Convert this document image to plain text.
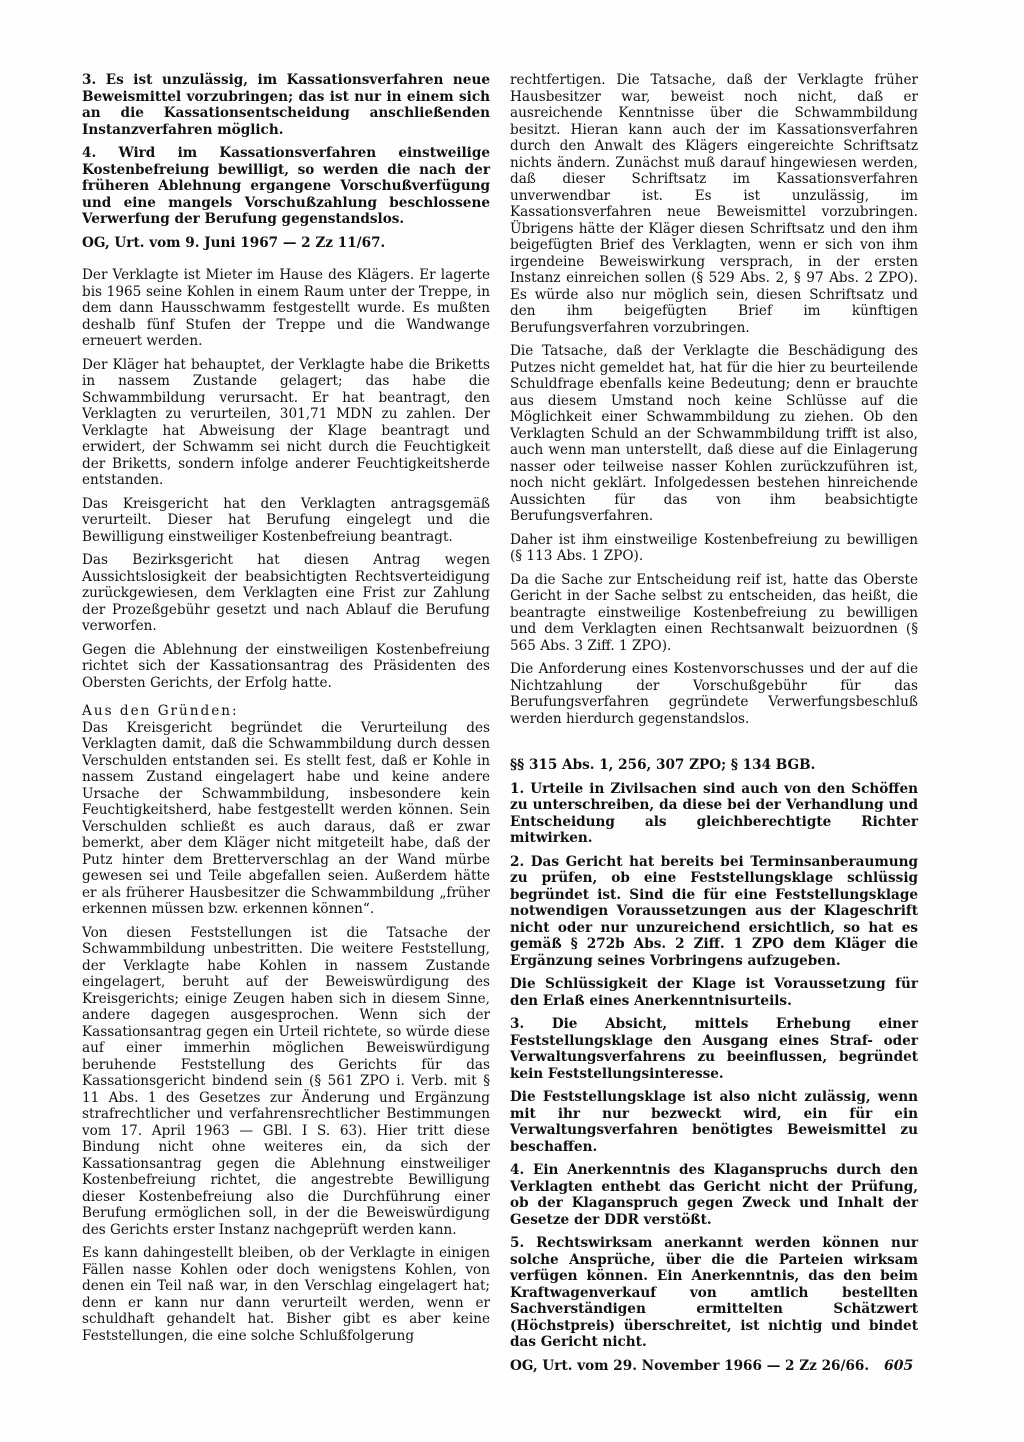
3. Es ist unzulässig, im Kassationsverfahren neue Beweismittel vorzubringen; das ist nur in einem sich an die Kassationsentscheidung anschließenden Instanzverfahren möglich.

4. Wird im Kassationsverfahren einstweilige Kostenbefreiung bewilligt, so werden die nach der früheren Ablehnung ergangene Vorschußverfügung und eine mangels Vorschußzahlung beschlossene Verwerfung der Berufung gegenstandslos.

OG, Urt. vom 9. Juni 1967 — 2 Zz 11/67.

Der Verklagte ist Mieter im Hause des Klägers. Er lagerte bis 1965 seine Kohlen in einem Raum unter der Treppe, in dem dann Hausschwamm festgestellt wurde. Es mußten deshalb fünf Stufen der Treppe und die Wandwange erneuert werden.

Der Kläger hat behauptet, der Verklagte habe die Briketts in nassem Zustande gelagert; das habe die Schwammbildung verursacht. Er hat beantragt, den Verklagten zu verurteilen, 301,71 MDN zu zahlen. Der Verklagte hat Abweisung der Klage beantragt und erwidert, der Schwamm sei nicht durch die Feuchtigkeit der Briketts, sondern infolge anderer Feuchtigkeitsherde entstanden.

Das Kreisgericht hat den Verklagten antragsgemäß verurteilt. Dieser hat Berufung eingelegt und die Bewilligung einstweiliger Kostenbefreiung beantragt.

Das Bezirksgericht hat diesen Antrag wegen Aussichtslosigkeit der beabsichtigten Rechtsverteidigung zurückgewiesen, dem Verklagten eine Frist zur Zahlung der Prozeßgebühr gesetzt und nach Ablauf die Berufung verworfen.

Gegen die Ablehnung der einstweiligen Kostenbefreiung richtet sich der Kassationsantrag des Präsidenten des Obersten Gerichts, der Erfolg hatte.

Aus den Gründen:

Das Kreisgericht begründet die Verurteilung des Verklagten damit, daß die Schwammbildung durch dessen Verschulden entstanden sei. Es stellt fest, daß er Kohle in nassem Zustand eingelagert habe und keine andere Ursache der Schwammbildung, insbesondere kein Feuchtigkeitsherd, habe festgestellt werden können. Sein Verschulden schließt es auch daraus, daß er zwar bemerkt, aber dem Kläger nicht mitgeteilt habe, daß der Putz hinter dem Bretterverschlag an der Wand mürbe gewesen sei und Teile abgefallen seien. Außerdem hätte er als früherer Hausbesitzer die Schwammbildung „früher erkennen müssen bzw. erkennen können“.

Von diesen Feststellungen ist die Tatsache der Schwammbildung unbestritten. Die weitere Feststellung, der Verklagte habe Kohlen in nassem Zustande eingelagert, beruht auf der Beweiswürdigung des Kreisgerichts; einige Zeugen haben sich in diesem Sinne, andere dagegen ausgesprochen. Wenn sich der Kassationsantrag gegen ein Urteil richtete, so würde diese auf einer immerhin möglichen Beweiswürdigung beruhende Feststellung des Gerichts für das Kassationsgericht bindend sein (§ 561 ZPO i. Verb. mit § 11 Abs. 1 des Gesetzes zur Änderung und Ergänzung strafrechtlicher und verfahrensrechtlicher Bestimmungen vom 17. April 1963 — GBl. I S. 63). Hier tritt diese Bindung nicht ohne weiteres ein, da sich der Kassationsantrag gegen die Ablehnung einstweiliger Kostenbefreiung richtet, die angestrebte Bewilligung dieser Kostenbefreiung also die Durchführung einer Berufung ermöglichen soll, in der die Beweiswürdigung des Gerichts erster Instanz nachgeprüft werden kann.

Es kann dahingestellt bleiben, ob der Verklagte in einigen Fällen nasse Kohlen oder doch wenigstens Kohlen, von denen ein Teil naß war, in den Verschlag eingelagert hat; denn er kann nur dann verurteilt werden, wenn er schuldhaft gehandelt hat. Bisher gibt es aber keine Feststellungen, die eine solche Schlußfolgerung

rechtfertigen. Die Tatsache, daß der Verklagte früher Hausbesitzer war, beweist noch nicht, daß er ausreichende Kenntnisse über die Schwammbildung besitzt. Hieran kann auch der im Kassationsverfahren durch den Anwalt des Klägers eingereichte Schriftsatz nichts ändern. Zunächst muß darauf hingewiesen werden, daß dieser Schriftsatz im Kassationsverfahren unverwendbar ist. Es ist unzulässig, im Kassationsverfahren neue Beweismittel vorzubringen. Übrigens hätte der Kläger diesen Schriftsatz und den ihm beigefügten Brief des Verklagten, wenn er sich von ihm irgendeine Beweiswirkung versprach, in der ersten Instanz einreichen sollen (§ 529 Abs. 2, § 97 Abs. 2 ZPO). Es würde also nur möglich sein, diesen Schriftsatz und den ihm beigefügten Brief im künftigen Berufungsverfahren vorzubringen.

Die Tatsache, daß der Verklagte die Beschädigung des Putzes nicht gemeldet hat, hat für die hier zu beurteilende Schuldfrage ebenfalls keine Bedeutung; denn er brauchte aus diesem Umstand noch keine Schlüsse auf die Möglichkeit einer Schwammbildung zu ziehen. Ob den Verklagten Schuld an der Schwammbildung trifft ist also, auch wenn man unterstellt, daß diese auf die Einlagerung nasser oder teilweise nasser Kohlen zurückzuführen ist, noch nicht geklärt. Infolgedessen bestehen hinreichende Aussichten für das von ihm beabsichtigte Berufungsverfahren.

Daher ist ihm einstweilige Kostenbefreiung zu bewilligen (§ 113 Abs. 1 ZPO).

Da die Sache zur Entscheidung reif ist, hatte das Oberste Gericht in der Sache selbst zu entscheiden, das heißt, die beantragte einstweilige Kostenbefreiung zu bewilligen und dem Verklagten einen Rechtsanwalt beizuordnen (§ 565 Abs. 3 Ziff. 1 ZPO).

Die Anforderung eines Kostenvorschusses und der auf die Nichtzahlung der Vorschußgebühr für das Berufungsverfahren gegründete Verwerfungsbeschluß werden hierdurch gegenstandslos.

§§ 315 Abs. 1, 256, 307 ZPO; § 134 BGB.

1. Urteile in Zivilsachen sind auch von den Schöffen zu unterschreiben, da diese bei der Verhandlung und Entscheidung als gleichberechtigte Richter mitwirken.

2. Das Gericht hat bereits bei Terminsanberaumung zu prüfen, ob eine Feststellungsklage schlüssig begründet ist. Sind die für eine Feststellungsklage notwendigen Voraussetzungen aus der Klageschrift nicht oder nur unzureichend ersichtlich, so hat es gemäß § 272b Abs. 2 Ziff. 1 ZPO dem Kläger die Ergänzung seines Vorbringens aufzugeben.

Die Schlüssigkeit der Klage ist Voraussetzung für den Erlaß eines Anerkenntnisurteils.

3. Die Absicht, mittels Erhebung einer Feststellungsklage den Ausgang eines Straf- oder Verwaltungsverfahrens zu beeinflussen, begründet kein Feststellungsinteresse.

Die Feststellungsklage ist also nicht zulässig, wenn mit ihr nur bezweckt wird, ein für ein Verwaltungsverfahren benötigtes Beweismittel zu beschaffen.

4. Ein Anerkenntnis des Klaganspruchs durch den Verklagten enthebt das Gericht nicht der Prüfung, ob der Klaganspruch gegen Zweck und Inhalt der Gesetze der DDR verstößt.

5. Rechtswirksam anerkannt werden können nur solche Ansprüche, über die die Parteien wirksam verfügen können. Ein Anerkenntnis, das den beim Kraftwagenverkauf von amtlich bestellten Sachverständigen ermittelten Schätzwert (Höchstpreis) überschreitet, ist nichtig und bindet das Gericht nicht.

OG, Urt. vom 29. November 1966 — 2 Zz 26/66.	605
